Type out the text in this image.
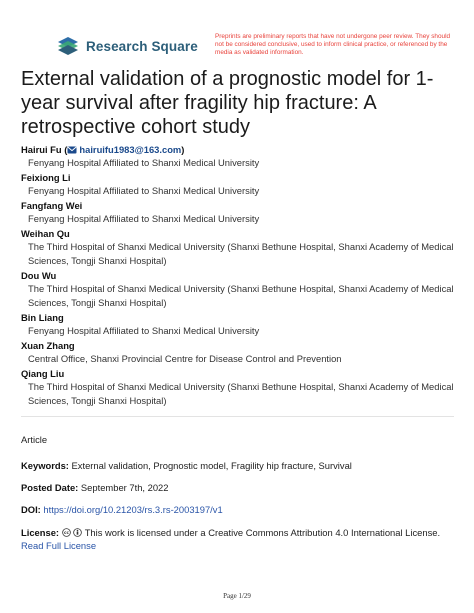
Research Square
Preprints are preliminary reports that have not undergone peer review. They should not be considered conclusive, used to inform clinical practice, or referenced by the media as validated information.
External validation of a prognostic model for 1-year survival after fragility hip fracture: A retrospective cohort study
Hairui Fu ( hairuifu1983@163.com)
Fenyang Hospital Affiliated to Shanxi Medical University
Feixiong Li
Fenyang Hospital Affiliated to Shanxi Medical University
Fangfang Wei
Fenyang Hospital Affiliated to Shanxi Medical University
Weihan Qu
The Third Hospital of Shanxi Medical University (Shanxi Bethune Hospital, Shanxi Academy of Medical Sciences, Tongji Shanxi Hospital)
Dou Wu
The Third Hospital of Shanxi Medical University (Shanxi Bethune Hospital, Shanxi Academy of Medical Sciences, Tongji Shanxi Hospital)
Bin Liang
Fenyang Hospital Affiliated to Shanxi Medical University
Xuan Zhang
Central Office, Shanxi Provincial Centre for Disease Control and Prevention
Qiang Liu
The Third Hospital of Shanxi Medical University (Shanxi Bethune Hospital, Shanxi Academy of Medical Sciences, Tongji Shanxi Hospital)
Article
Keywords: External validation, Prognostic model, Fragility hip fracture, Survival
Posted Date: September 7th, 2022
DOI: https://doi.org/10.21203/rs.3.rs-2003197/v1
License: cc This work is licensed under a Creative Commons Attribution 4.0 International License.
Read Full License
Page 1/29
